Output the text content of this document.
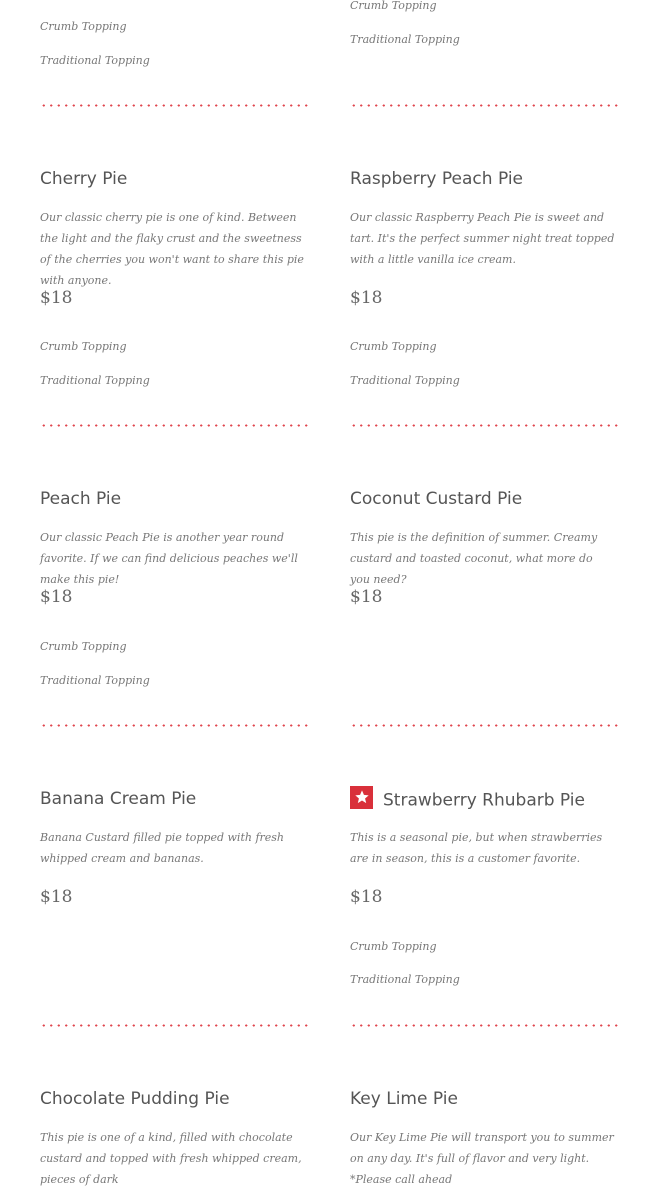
Crumb Topping
Traditional Topping
Crumb Topping
Traditional Topping
Cherry Pie

Our classic cherry pie is one of kind. Between the light and the flaky crust and the sweetness of the cherries you won't want to share this pie with anyone.

$18
Crumb Topping
Traditional Topping
Raspberry Peach Pie

Our classic Raspberry Peach Pie is sweet and tart. It's the perfect summer night treat topped with a little vanilla ice cream.

$18
Crumb Topping
Traditional Topping
Peach Pie

Our classic Peach Pie is another year round favorite. If we can find delicious peaches we'll make this pie!

$18
Crumb Topping
Traditional Topping
Coconut Custard Pie

This pie is the definition of summer. Creamy custard and toasted coconut, what more do you need?

$18
Banana Cream Pie

Banana Custard filled pie topped with fresh whipped cream and bananas.

$18
Strawberry Rhubarb Pie

This is a seasonal pie, but when strawberries are in season, this is a customer favorite.

$18
Crumb Topping
Traditional Topping
Chocolate Pudding Pie

This pie is one of a kind, filled with chocolate custard and topped with fresh whipped cream, pieces of dark

Key Lime Pie

Our Key Lime Pie will transport you to summer on any day. It's full of flavor and very light. *Please call ahead
